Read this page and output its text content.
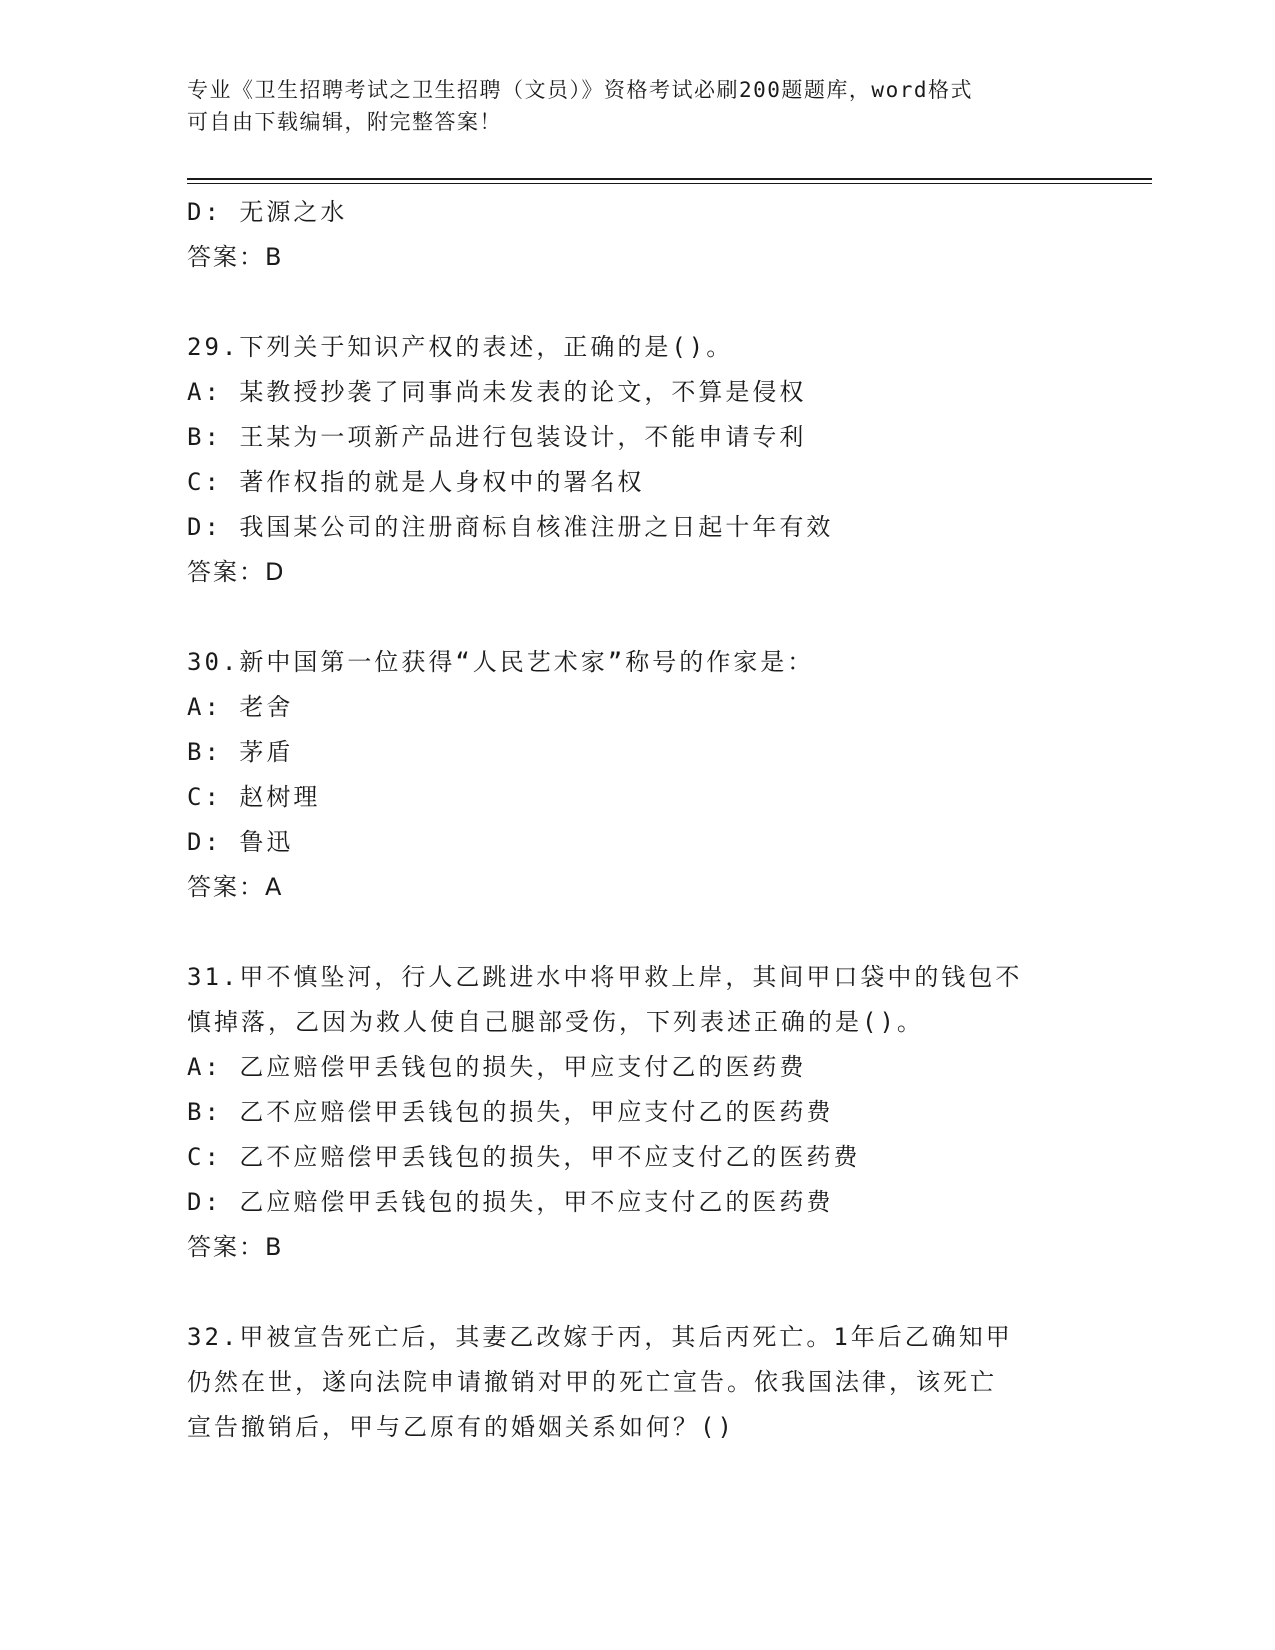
专业《卫生招聘考试之卫生招聘（文员）》资格考试必刷200题题库，word格式
可自由下载编辑，附完整答案！
D: 无源之水
答案：B
29.下列关于知识产权的表述，正确的是()。
A: 某教授抄袭了同事尚未发表的论文，不算是侵权
B: 王某为一项新产品进行包装设计，不能申请专利
C: 著作权指的就是人身权中的署名权
D: 我国某公司的注册商标自核准注册之日起十年有效
答案：D
30.新中国第一位获得“人民艺术家”称号的作家是：
A: 老舍
B: 茅盾
C: 赵树理
D: 鲁迅
答案：A
31.甲不慎坠河，行人乙跳进水中将甲救上岸，其间甲口袋中的钱包不
慎掉落，乙因为救人使自己腿部受伤，下列表述正确的是()。
A: 乙应赔偿甲丢钱包的损失，甲应支付乙的医药费
B: 乙不应赔偿甲丢钱包的损失，甲应支付乙的医药费
C: 乙不应赔偿甲丢钱包的损失，甲不应支付乙的医药费
D: 乙应赔偿甲丢钱包的损失，甲不应支付乙的医药费
答案：B
32.甲被宣告死亡后，其妻乙改嫁于丙，其后丙死亡。1年后乙确知甲
仍然在世，遂向法院申请撤销对甲的死亡宣告。依我国法律，该死亡
宣告撤销后，甲与乙原有的婚姻关系如何？()
